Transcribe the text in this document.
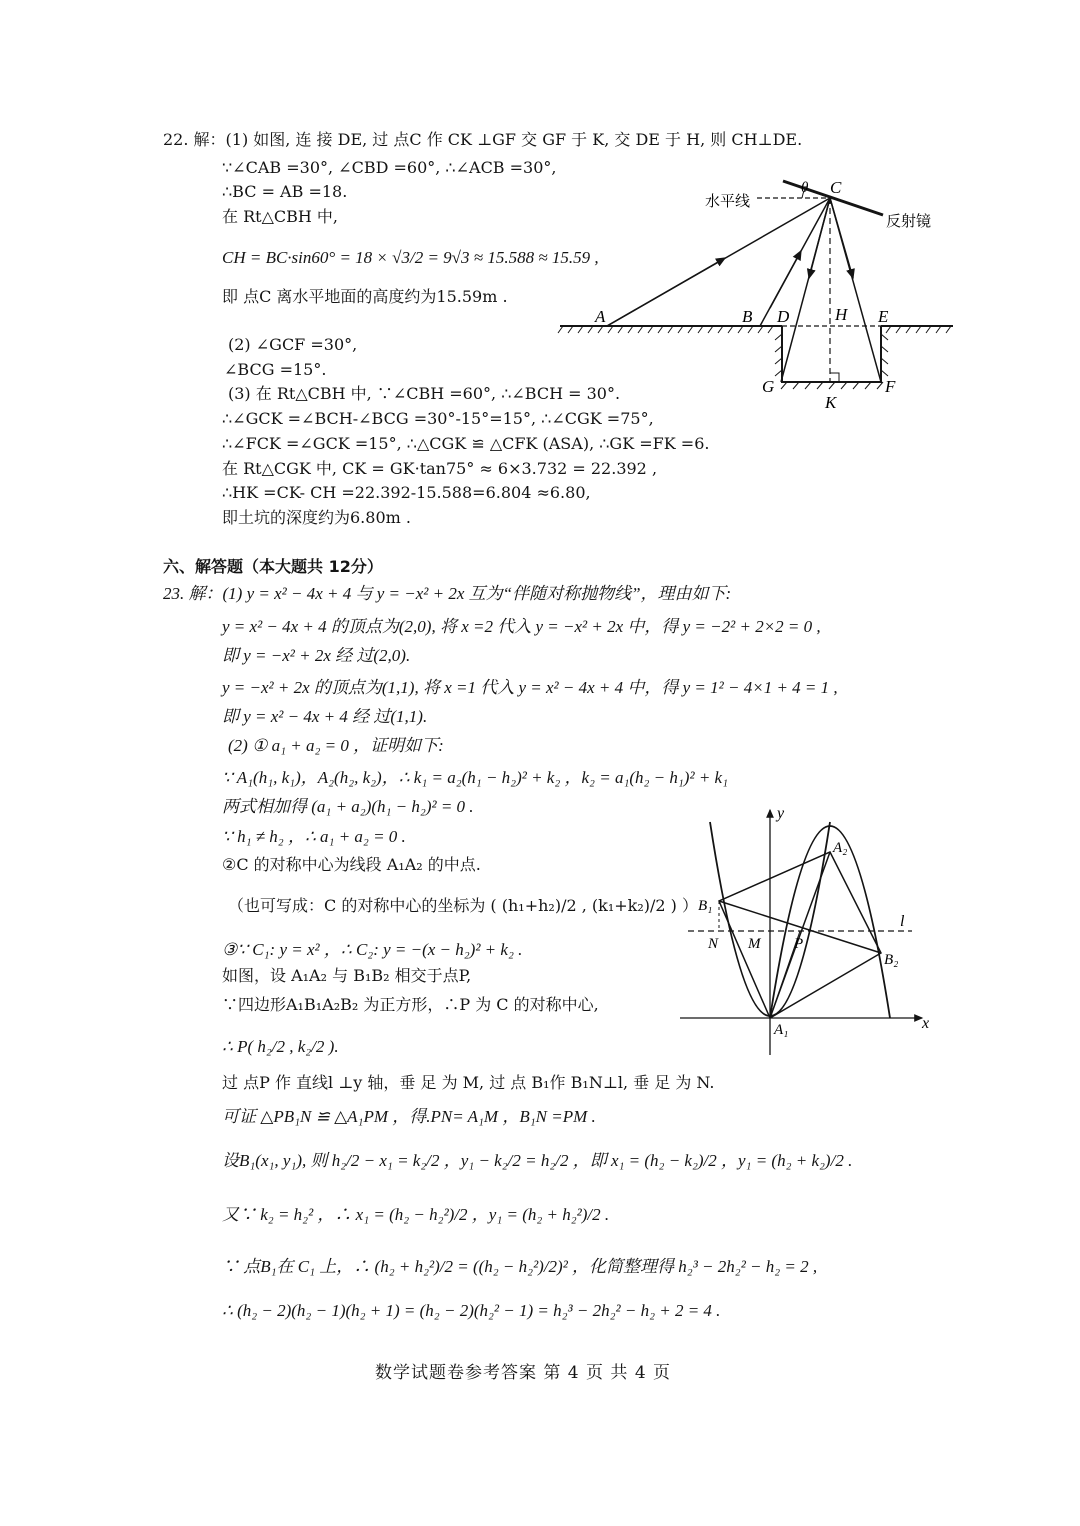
22. 解：(1) 如图, 连 接 DE, 过 点C 作 CK ⊥GF 交 GF 于 K, 交 DE 于 H, 则 CH⊥DE.
∵∠CAB =30°, ∠CBD =60°, ∴∠ACB =30°,
∴BC = AB =18.
在 Rt△CBH 中,
CH = BC·sin60° = 18 × √3/2 = 9√3 ≈ 15.588 ≈ 15.59 ,
即 点C 离水平地面的高度约为15.59m .
(2) ∠GCF =30°,
∠BCG =15°.
(3) 在 Rt△CBH 中, ∵∠CBH =60°, ∴∠BCH = 30°.
∴∠GCK =∠BCH-∠BCG =30°-15°=15°, ∴∠CGK =75°,
∴∠FCK =∠GCK =15°, ∴△CGK ≌ △CFK (ASA), ∴GK =FK =6.
在 Rt△CGK 中, CK = GK·tan75° ≈ 6×3.732 = 22.392 ,
∴HK =CK- CH =22.392-15.588=6.804 ≈6.80,
即土坑的深度约为6.80m .
水平线
反射镜
θ C
A	B D	H E
G
K
F
六、解答题（本大题共 12分）
23. 解：(1) y = x² − 4x + 4 与 y = −x² + 2x 互为“伴随对称抛物线”，理由如下:
y = x² − 4x + 4 的顶点为(2,0), 将 x =2 代入 y = −x² + 2x 中，得 y = −2² + 2×2 = 0 ,
即 y = −x² + 2x 经 过(2,0).
y = −x² + 2x 的顶点为(1,1), 将 x =1 代入 y = x² − 4x + 4 中，得 y = 1² − 4×1 + 4 = 1 ,
即 y = x² − 4x + 4 经 过(1,1).
(2) ① a₁ + a₂ = 0 ，证明如下:
∵ A₁(h₁, k₁)，A₂(h₂, k₂)，∴ k₁ = a₂(h₁ − h₂)² + k₂ ，k₂ = a₁(h₂ − h₁)² + k₁
两式相加得 (a₁ + a₂)(h₁ − h₂)² = 0 .
∵ h₁ ≠ h₂ ，∴ a₁ + a₂ = 0 .
②C 的对称中心为线段 A₁A₂ 的中点.
（也可写成：C 的对称中心的坐标为 ( (h₁+h₂)/2 , (k₁+k₂)/2 ) ）
③∵ C₁: y = x² ，∴ C₂: y = −(x − h₂)² + k₂ .
如图，设 A₁A₂ 与 B₁B₂ 相交于点P,
∵四边形A₁B₁A₂B₂ 为正方形，∴P 为 C 的对称中心,
∴ P( h₂/2 , k₂/2 ).
过 点P 作 直线l ⊥y 轴，垂 足 为 M, 过 点 B₁作 B₁N⊥l, 垂 足 为 N.
可证 △PB₁N ≌ △A₁PM ，得.PN= A₁M ，B₁N =PM .
设B₁(x₁, y₁), 则 h₂/2 − x₁ = k₂/2 ，y₁ − k₂/2 = h₂/2 ，即 x₁ = (h₂ − k₂)/2 ，y₁ = (h₂ + k₂)/2 .
又∵ k₂ = h₂² ，∴ x₁ = (h₂ − h₂²)/2 ，y₁ = (h₂ + h₂²)/2 .
∵ 点B₁在 C₁ 上，∴ (h₂ + h₂²)/2 = ((h₂ − h₂²)/2)² ，化简整理得 h₂³ − 2h₂² − h₂ = 2 ,
∴ (h₂ − 2)(h₂ − 1)(h₂ + 1) = (h₂ − 2)(h₂² − 1) = h₂³ − 2h₂² − h₂ + 2 = 4 .
x
y
l
A₂
B₁
N M P
B₂
A₁
数学试题卷参考答案 第 4 页 共 4 页
